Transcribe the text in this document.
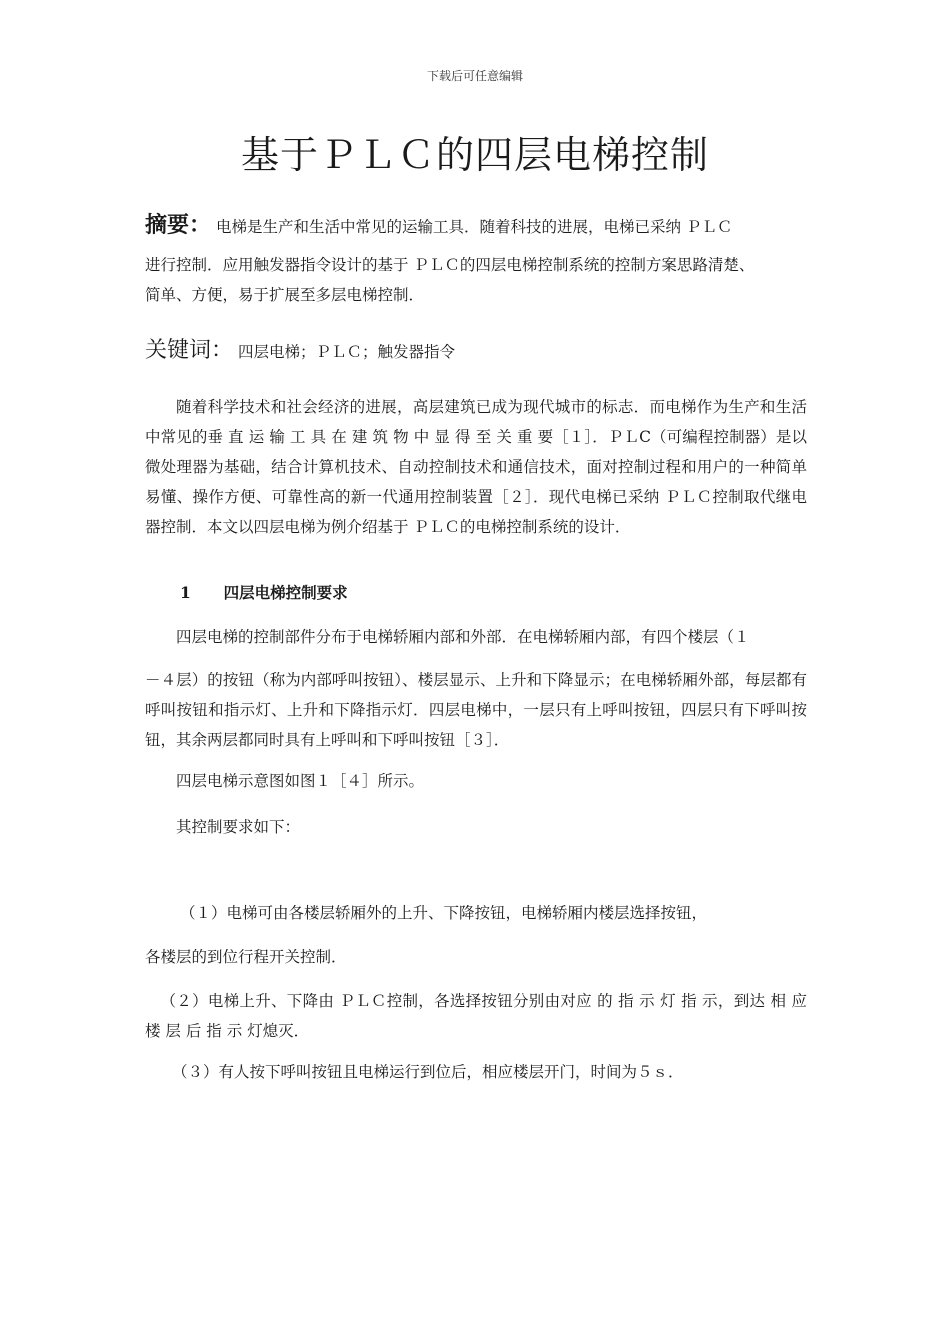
下载后可任意编辑
基于ＰＬＣ的四层电梯控制
摘要： 电梯是生产和生活中常见的运输工具．随着科技的进展，电梯已采纳 ＰＬＣ
进行控制．应用触发器指令设计的基于 ＰＬＣ的四层电梯控制系统的控制方案思路清楚、
简单、方便，易于扩展至多层电梯控制．
关键词： 四层电梯；ＰＬＣ；触发器指令

随着科学技术和社会经济的进展，高层建筑已成为现代城市的标志．而电梯作为生产和生活中常见的垂 直 运 输 工 具 在 建 筑 物 中 显 得 至 关 重 要［１］．ＰＬC（可编程控制器）是以微处理器为基础，结合计算机技术、自动控制技术和通信技术，面对控制过程和用户的一种简单易懂、操作方便、可靠性高的新一代通用控制装置［２］．现代电梯已采纳 ＰＬＣ控制取代继电器控制．本文以四层电梯为例介绍基于 ＰＬＣ的电梯控制系统的设计．

1 四层电梯控制要求
四层电梯的控制部件分布于电梯轿厢内部和外部．在电梯轿厢内部，有四个楼层（１

－４层）的按钮（称为内部呼叫按钮）、楼层显示、上升和下降显示；在电梯轿厢外部，每层都有呼叫按钮和指示灯、上升和下降指示灯．四层电梯中，一层只有上呼叫按钮，四层只有下呼叫按钮，其余两层都同时具有上呼叫和下呼叫按钮［３］．

四层电梯示意图如图１［４］所示。
其控制要求如下：
（１）电梯可由各楼层轿厢外的上升、下降按钮，电梯轿厢内楼层选择按钮，
各楼层的到位行程开关控制．

（２）电梯上升、下降由 ＰＬＣ控制，各选择按钮分别由对应 的 指 示 灯 指 示，到达 相 应 楼 层 后 指 示 灯熄灭．

（３）有人按下呼叫按钮且电梯运行到位后，相应楼层开门，时间为５ｓ．
